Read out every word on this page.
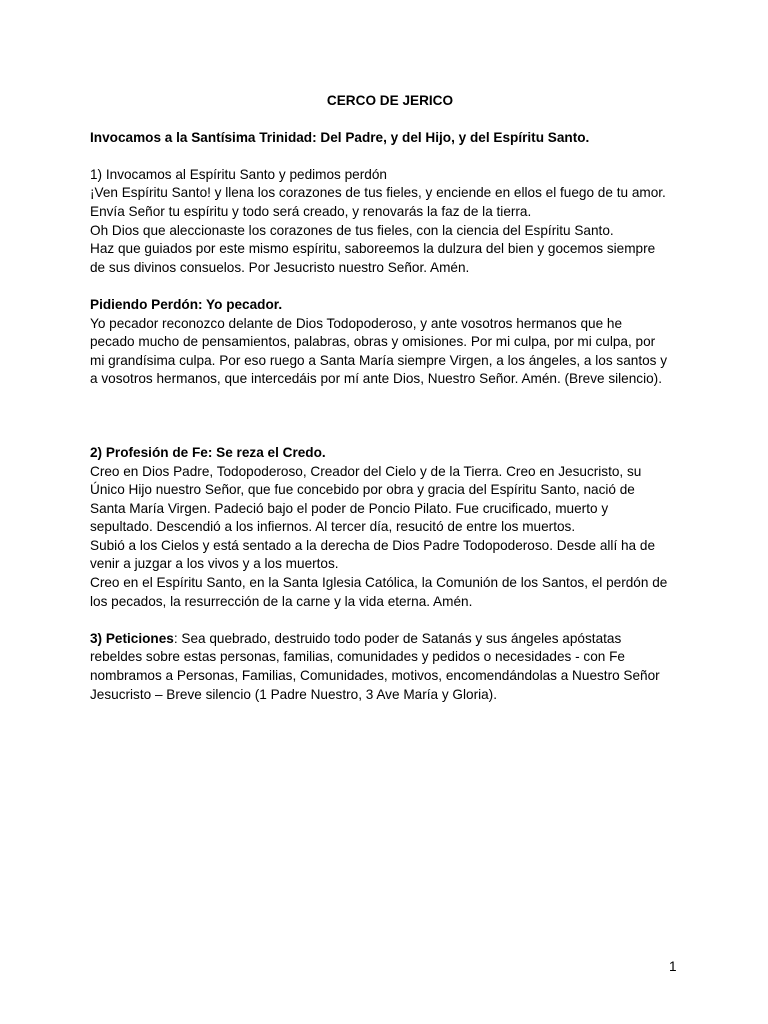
CERCO DE JERICO
Invocamos a la Santísima Trinidad: Del Padre, y del Hijo, y del Espíritu Santo.
1) Invocamos al Espíritu Santo y pedimos perdón
¡Ven Espíritu Santo! y llena los corazones de tus fieles, y enciende en ellos el fuego de tu amor.
Envía Señor tu espíritu y todo será creado, y renovarás la faz de la tierra.
Oh Dios que aleccionaste los corazones de tus fieles, con la ciencia del Espíritu Santo.
Haz que guiados por este mismo espíritu, saboreemos la dulzura del bien y gocemos siempre
de sus divinos consuelos. Por Jesucristo nuestro Señor. Amén.
Pidiendo Perdón: Yo pecador.
Yo pecador reconozco delante de Dios Todopoderoso, y ante vosotros hermanos que he
pecado mucho de pensamientos, palabras, obras y omisiones. Por mi culpa, por mi culpa, por
mi grandísima culpa. Por eso ruego a Santa María siempre Virgen, a los ángeles, a los santos y
a vosotros hermanos, que intercedáis por mí ante Dios, Nuestro Señor. Amén. (Breve silencio).
2) Profesión de Fe: Se reza el Credo.
Creo en Dios Padre, Todopoderoso, Creador del Cielo y de la Tierra. Creo en Jesucristo, su
Único Hijo nuestro Señor, que fue concebido por obra y gracia del Espíritu Santo, nació de
Santa María Virgen. Padeció bajo el poder de Poncio Pilato. Fue crucificado, muerto y
sepultado. Descendió a los infiernos. Al tercer día, resucitó de entre los muertos.
Subió a los Cielos y está sentado a la derecha de Dios Padre Todopoderoso. Desde allí ha de
venir a juzgar a los vivos y a los muertos.
Creo en el Espíritu Santo, en la Santa Iglesia Católica, la Comunión de los Santos, el perdón de
los pecados, la resurrección de la carne y la vida eterna. Amén.
3) Peticiones: Sea quebrado, destruido todo poder de Satanás y sus ángeles apóstatas
rebeldes sobre estas personas, familias, comunidades y pedidos o necesidades - con Fe
nombramos a Personas, Familias, Comunidades, motivos, encomendándolas a Nuestro Señor
Jesucristo – Breve silencio (1 Padre Nuestro, 3 Ave María y Gloria).
1
